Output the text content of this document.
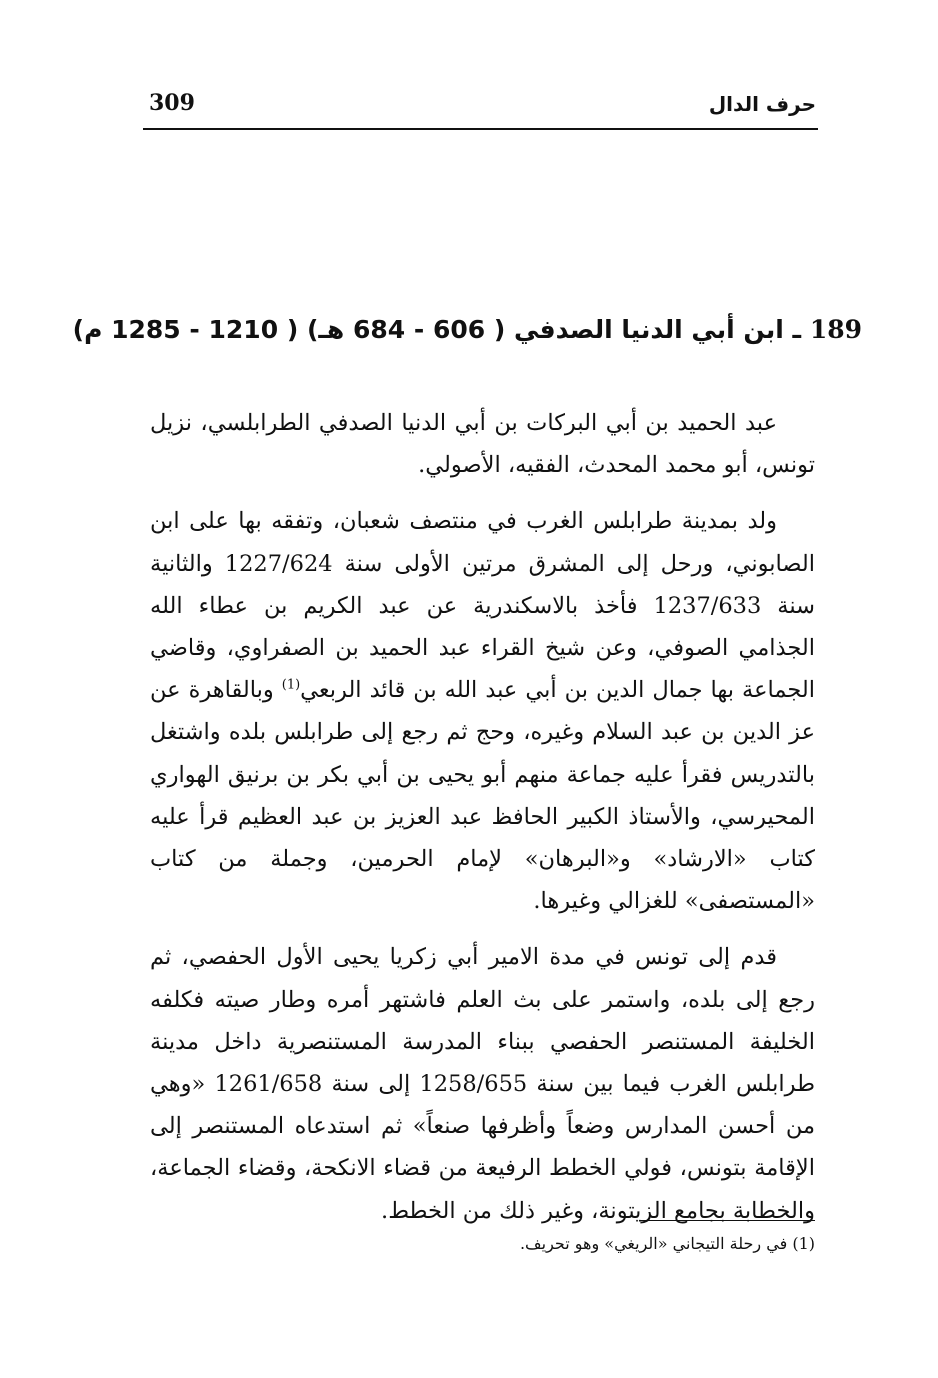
309	حرف الدال
189 ـ ابن أبي الدنيا الصدفي ( 606 - 684 هـ) ( 1210 - 1285 م)

عبد الحميد بن أبي البركات بن أبي الدنيا الصدفي الطرابلسي، نزيل تونس، أبو محمد المحدث، الفقيه، الأصولي.

ولد بمدينة طرابلس الغرب في منتصف شعبان، وتفقه بها على ابن الصابوني، ورحل إلى المشرق مرتين الأولى سنة 1227/624 والثانية سنة 1237/633 فأخذ بالاسكندرية عن عبد الكريم بن عطاء الله الجذامي الصوفي، وعن شيخ القراء عبد الحميد بن الصفراوي، وقاضي الجماعة بها جمال الدين بن أبي عبد الله بن قائد الربعي$^{(1)}$ وبالقاهرة عن عز الدين بن عبد السلام وغيره، وحج ثم رجع إلى طرابلس بلده واشتغل بالتدريس فقرأ عليه جماعة منهم أبو يحيى بن أبي بكر بن برنيق الهواري المحيرسي، والأستاذ الكبير الحافظ عبد العزيز بن عبد العظيم قرأ عليه كتاب «الارشاد» و«البرهان» لإمام الحرمين، وجملة من كتاب «المستصفى» للغزالي وغيرها.

قدم إلى تونس في مدة الامير أبي زكريا يحيى الأول الحفصي، ثم رجع إلى بلده، واستمر على بث العلم فاشتهر أمره وطار صيته فكلفه الخليفة المستنصر الحفصي ببناء المدرسة المستنصرية داخل مدينة طرابلس الغرب فيما بين سنة 1258/655 إلى سنة 1261/658 «وهي من أحسن المدارس وضعاً وأظرفها صنعاً» ثم استدعاه المستنصر إلى الإقامة بتونس، فولي الخطط الرفيعة من قضاء الانكحة، وقضاء الجماعة، والخطابة بجامع الزيتونة، وغير ذلك من الخطط.

(1) في رحلة التيجاني «الريغي» وهو تحريف.
